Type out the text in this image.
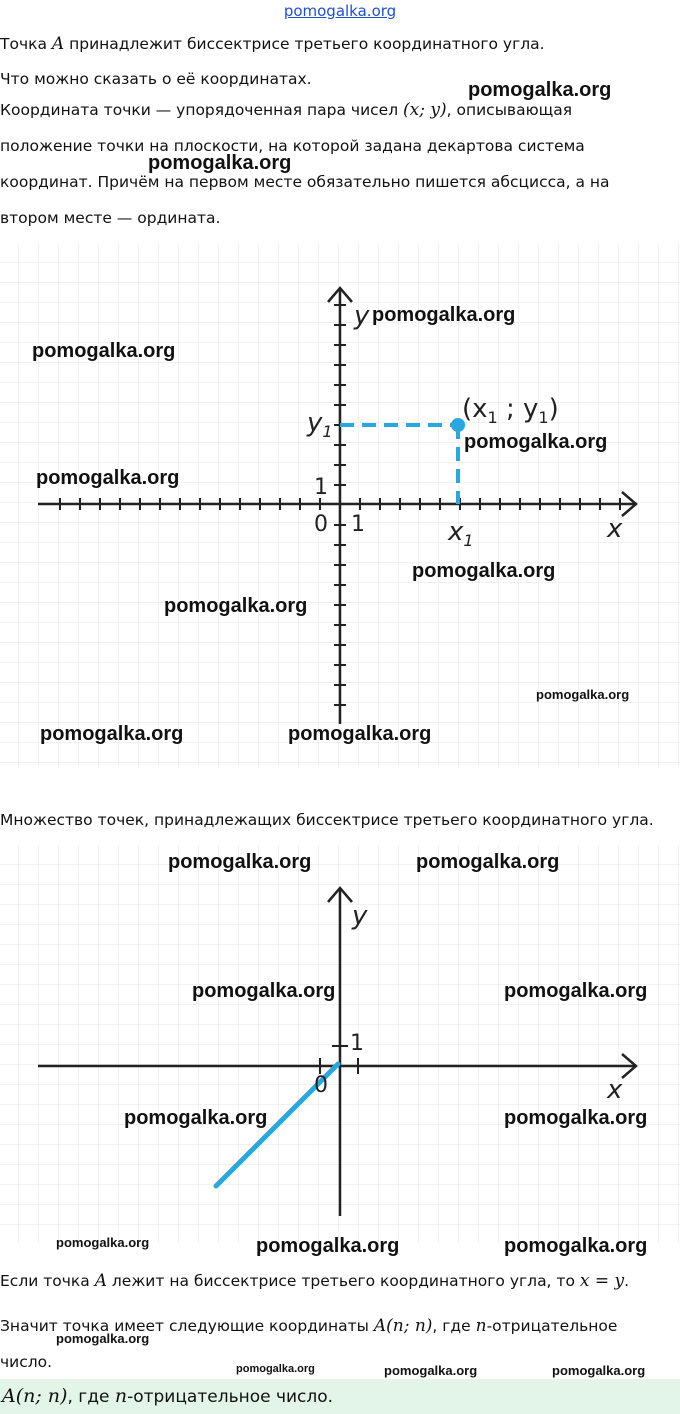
pomogalka.org
Точка A принадлежит биссектрисе третьего координатного угла.
Что можно сказать о её координатах.
Координата точки — упорядоченная пара чисел (x; y), описывающая
положение точки на плоскости, на которой задана декартова система
координат. Причём на первом месте обязательно пишется абсцисса, а на
втором месте — ордината.
y
x
0 1
1
($x_1$ ; $y_1$)
$x_1$
$y_1$
Множество точек, принадлежащих биссектрисе третьего координатного угла.
y
x
0
1
Если точка A лежит на биссектрисе третьего координатного угла, то x = y.
Значит точка имеет следующие координаты A(n; n), где n-отрицательное
число.
A(n; n), где n-отрицательное число.
pomogalka.org
pomogalka.org
pomogalka.org
pomogalka.org
pomogalka.org
pomogalka.org
pomogalka.org
pomogalka.org
pomogalka.org
pomogalka.org	pomogalka.org
pomogalka.org	pomogalka.org
pomogalka.org	pomogalka.org
pomogalka.org	pomogalka.org
pomogalka.org	pomogalka.org	pomogalka.org
pomogalka.org
pomogalka.org	pomogalka.org	pomogalka.org
